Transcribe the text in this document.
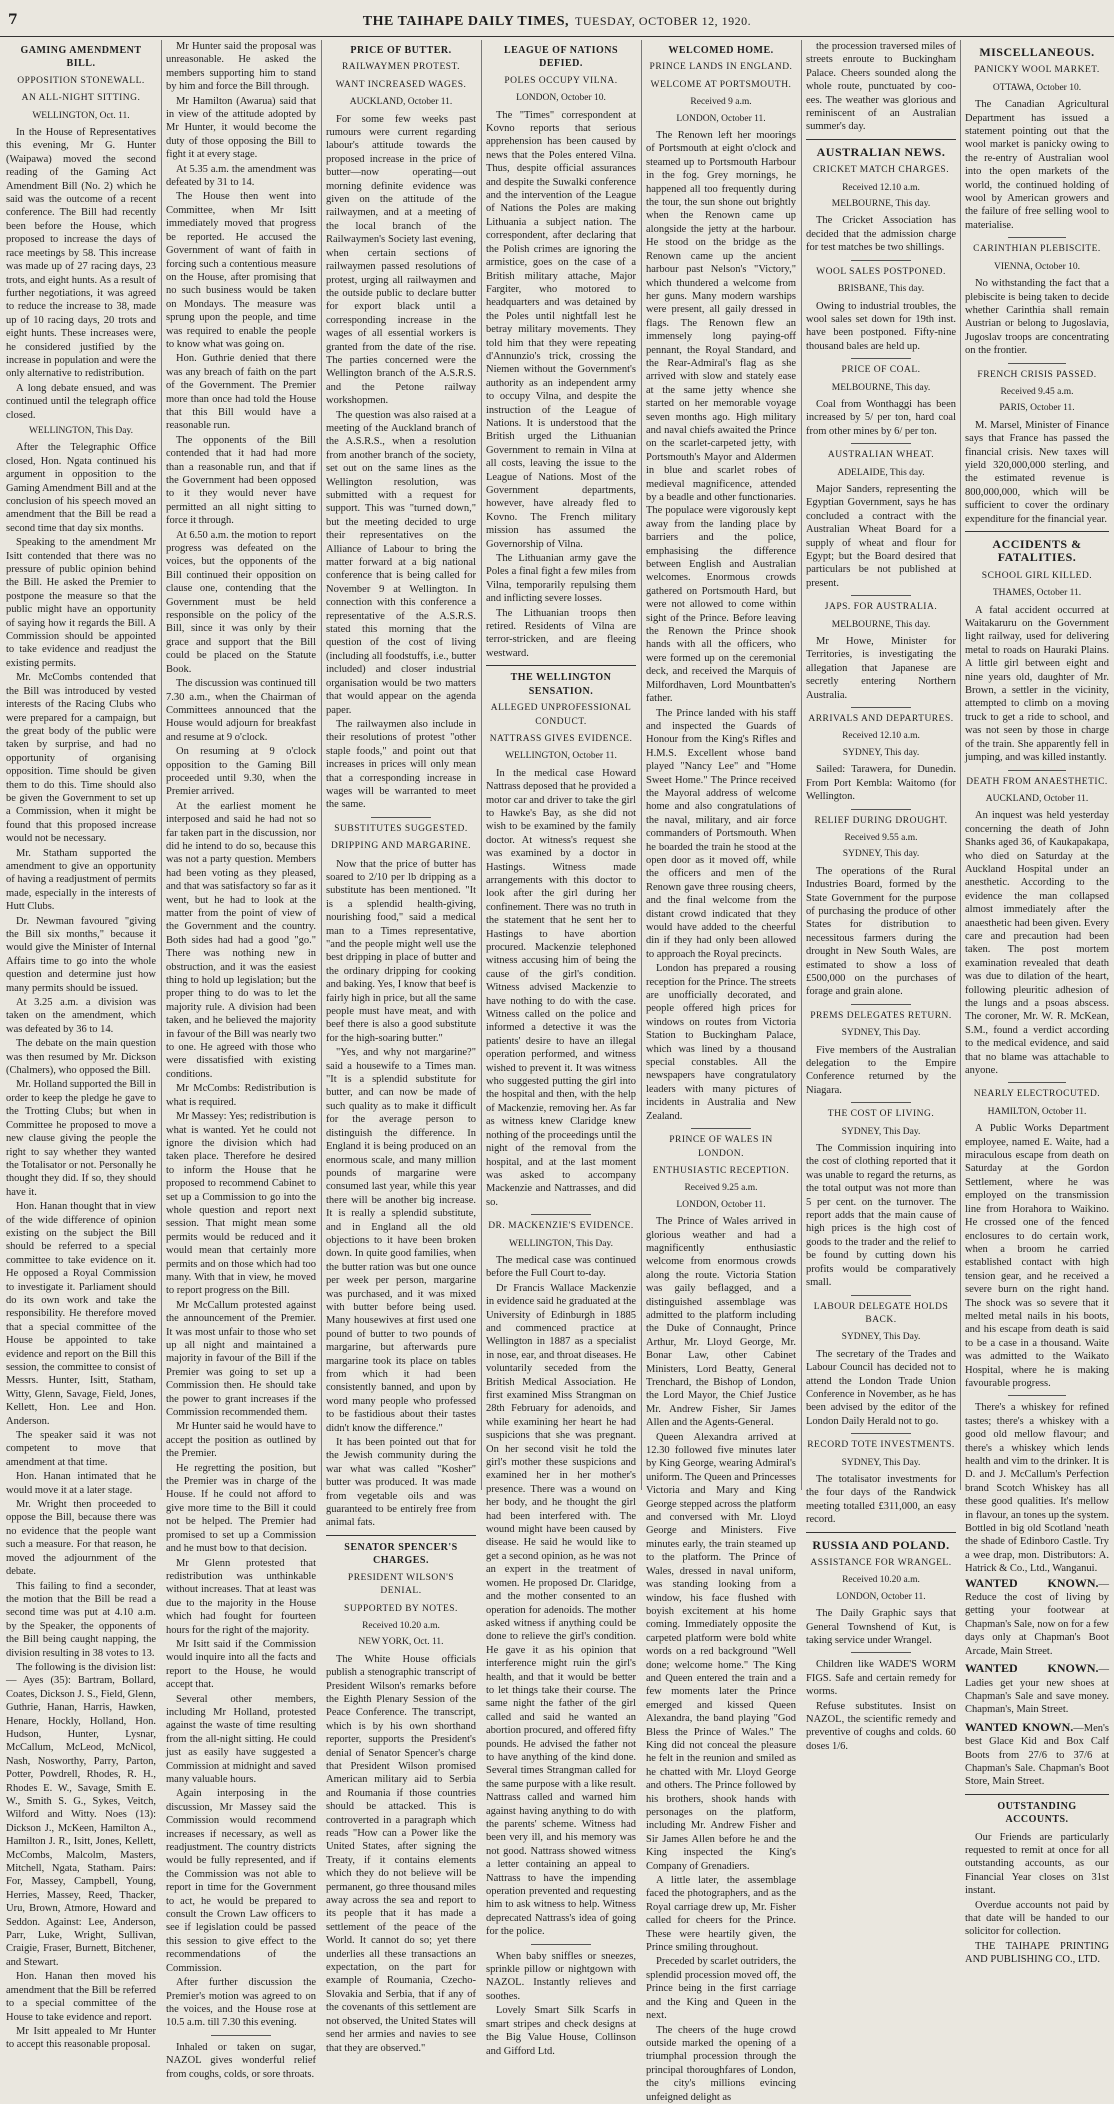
7	THE TAIHAPE DAILY TIMES, TUESDAY, OCTOBER 12, 1920.
GAMING AMENDMENT BILL.
OPPOSITION STONEWALL.
AN ALL-NIGHT SITTING.
WELLINGTON, Oct. 11.

In the House of Representatives this evening, Mr G. Hunter (Waipawa) moved the second reading of the Gaming Act Amendment Bill (No. 2) which he said was the outcome of a recent conference. The Bill had recently been before the House, which proposed to increase the days of race meetings by 58. This increase was made up of 27 racing days, 23 trots, and eight hunts. As a result of further negotiations, it was agreed to reduce the increase to 38, made up of 10 racing days, 20 trots and eight hunts. These increases were, he considered justified by the increase in population and were the only alternative to redistribution.

A long debate ensued, and was continued until the telegraph office closed.

WELLINGTON, This Day.

After the Telegraphic Office closed, Hon. Ngata continued his argument in opposition to the Gaming Amendment Bill and at the conclusion of his speech moved an amendment that the Bill be read a second time that day six months.

Speaking to the amendment Mr Isitt contended that there was no pressure of public opinion behind the Bill. He asked the Premier to postpone the measure so that the public might have an opportunity of saying how it regards the Bill. A Commission should be appointed to take evidence and readjust the existing permits.

Mr. McCombs contended that the Bill was introduced by vested interests of the Racing Clubs who were prepared for a campaign, but the great body of the public were taken by surprise, and had no opportunity of organising opposition. Time should be given them to do this. Time should also be given the Government to set up a Commission, when it might be found that this proposed increase would not be necessary.

Mr. Statham supported the amendment to give an opportunity of having a readjustment of permits made, especially in the interests of Hutt Clubs.

Dr. Newman favoured "giving the Bill six months," because it would give the Minister of Internal Affairs time to go into the whole question and determine just how many permits should be issued.

At 3.25 a.m. a division was taken on the amendment, which was defeated by 36 to 14.

The debate on the main question was then resumed by Mr. Dickson (Chalmers), who opposed the Bill.

Mr. Holland supported the Bill in order to keep the pledge he gave to the Trotting Clubs; but when in Committee he proposed to move a new clause giving the people the right to say whether they wanted the Totalisator or not. Personally he thought they did. If so, they should have it.

Hon. Hanan thought that in view of the wide difference of opinion existing on the subject the Bill should be referred to a special committee to take evidence on it. He opposed a Royal Commission to investigate it. Parliament should do its own work and take the responsibility. He therefore moved that a special committee of the House be appointed to take evidence and report on the Bill this session, the committee to consist of Messrs. Hunter, Isitt, Statham, Witty, Glenn, Savage, Field, Jones, Kellett, Hon. Lee and Hon. Anderson.

The speaker said it was not competent to move that amendment at that time.

Hon. Hanan intimated that he would move it at a later stage.

Mr. Wright then proceeded to oppose the Bill, because there was no evidence that the people want such a measure. For that reason, he moved the adjournment of the debate.

This failing to find a seconder, the motion that the Bill be read a second time was put at 4.10 a.m. by the Speaker, the opponents of the Bill being caught napping, the division resulting in 38 votes to 13.

The following is the division list:— Ayes (35): Bartram, Bollard, Coates, Dickson J. S., Field, Glenn, Guthrie, Hanan, Harris, Hawken, Henare, Hockly, Holland, Hon. Hudson, Hunter, Lysnar, McCallum, McLeod, McNicol, Nash, Nosworthy, Parry, Parton, Potter, Powdrell, Rhodes, R. H., Rhodes E. W., Savage, Smith E. W., Smith S. G., Sykes, Veitch, Wilford and Witty. Noes (13): Dickson J., McKeen, Hamilton A., Hamilton J. R., Isitt, Jones, Kellett, McCombs, Malcolm, Masters, Mitchell, Ngata, Statham. Pairs: For, Massey, Campbell, Young, Herries, Massey, Reed, Thacker, Uru, Brown, Atmore, Howard and Seddon. Against: Lee, Anderson, Parr, Luke, Wright, Sullivan, Craigie, Fraser, Burnett, Bitchener, and Stewart.

Hon. Hanan then moved his amendment that the Bill be referred to a special committee of the House to take evidence and report.

Mr Isitt appealed to Mr Hunter to accept this reasonable proposal.

Mr Hunter said the proposal was unreasonable. He asked the members supporting him to stand by him and force the Bill through.

Mr Hamilton (Awarua) said that in view of the attitude adopted by Mr Hunter, it would become the duty of those opposing the Bill to fight it at every stage.

At 5.35 a.m. the amendment was defeated by 31 to 14.

The House then went into Committee, when Mr Isitt immediately moved that progress be reported. He accused the Government of want of faith in forcing such a contentious measure on the House, after promising that no such business would be taken on Mondays. The measure was sprung upon the people, and time was required to enable the people to know what was going on.

Hon. Guthrie denied that there was any breach of faith on the part of the Government. The Premier more than once had told the House that this Bill would have a reasonable run.

The opponents of the Bill contended that it had had more than a reasonable run, and that if the Government had been opposed to it they would never have permitted an all night sitting to force it through.

At 6.50 a.m. the motion to report progress was defeated on the voices, but the opponents of the Bill continued their opposition on clause one, contending that the Government must be held responsible on the policy of the Bill, since it was only by their grace and support that the Bill could be placed on the Statute Book.

The discussion was continued till 7.30 a.m., when the Chairman of Committees announced that the House would adjourn for breakfast and resume at 9 o'clock.

On resuming at 9 o'clock opposition to the Gaming Bill proceeded until 9.30, when the Premier arrived.

At the earliest moment he interposed and said he had not so far taken part in the discussion, nor did he intend to do so, because this was not a party question. Members had been voting as they pleased, and that was satisfactory so far as it went, but he had to look at the matter from the point of view of the Government and the country. Both sides had had a good "go." There was nothing new in obstruction, and it was the easiest thing to hold up legislation; but the proper thing to do was to let the majority rule. A division had been taken, and he believed the majority in favour of the Bill was nearly two to one. He agreed with those who were dissatisfied with existing conditions.

Mr McCombs: Redistribution is what is required.

Mr Massey: Yes; redistribution is what is wanted. Yet he could not ignore the division which had taken place. Therefore he desired to inform the House that he proposed to recommend Cabinet to set up a Commission to go into the whole question and report next session. That might mean some permits would be reduced and it would mean that certainly more permits and on those which had too many. With that in view, he moved to report progress on the Bill.

Mr McCallum protested against the announcement of the Premier. It was most unfair to those who set up all night and maintained a majority in favour of the Bill if the Premier was going to set up a Commission then. He should take the power to grant increases if the Commission recommended them.

Mr Hunter said he would have to accept the position as outlined by the Premier.

He regretting the position, but the Premier was in charge of the House. If he could not afford to give more time to the Bill it could not be helped. The Premier had promised to set up a Commission and he must bow to that decision.

Mr Glenn protested that redistribution was unthinkable without increases. That at least was due to the majority in the House which had fought for fourteen hours for the right of the majority.

Mr Isitt said if the Commission would inquire into all the facts and report to the House, he would accept that.

Several other members, including Mr Holland, protested against the waste of time resulting from the all-night sitting. He could just as easily have suggested a Commission at midnight and saved many valuable hours.

Again interposing in the discussion, Mr Massey said the Commission would recommend increases if necessary, as well as readjustment. The country districts would be fully represented, and if the Commission was not able to report in time for the Government to act, he would be prepared to consult the Crown Law officers to see if legislation could be passed this session to give effect to the recommendations of the Commission.

After further discussion the Premier's motion was agreed to on the voices, and the House rose at 10.5 a.m. till 7.30 this evening.

Inhaled or taken on sugar, NAZOL gives wonderful relief from coughs, colds, or sore throats.

PRICE OF BUTTER.
RAILWAYMEN PROTEST.
WANT INCREASED WAGES.
AUCKLAND, October 11.

For some few weeks past rumours were current regarding labour's attitude towards the proposed increase in the price of butter—now operating—out morning definite evidence was given on the attitude of the railwaymen, and at a meeting of the local branch of the Railwaymen's Society last evening, when certain sections of railwaymen passed resolutions of protest, urging all railwaymen and the outside public to declare butter for export black until a corresponding increase in the wages of all essential workers is granted from the date of the rise. The parties concerned were the Wellington branch of the A.S.R.S. and the Petone railway workshopmen.

The question was also raised at a meeting of the Auckland branch of the A.S.R.S., when a resolution from another branch of the society, set out on the same lines as the Wellington resolution, was submitted with a request for support. This was "turned down," but the meeting decided to urge their representatives on the Alliance of Labour to bring the matter forward at a big national conference that is being called for November 9 at Wellington. In connection with this conference a representative of the A.S.R.S. stated this morning that the question of the cost of living (including all foodstuffs, i.e., butter included) and closer industrial organisation would be two matters that would appear on the agenda paper.

The railwaymen also include in their resolutions of protest "other staple foods," and point out that increases in prices will only mean that a corresponding increase in wages will be warranted to meet the same.

SUBSTITUTES SUGGESTED.
DRIPPING AND MARGARINE.

Now that the price of butter has soared to 2/10 per lb dripping as a substitute has been mentioned. "It is a splendid health-giving, nourishing food," said a medical man to a Times representative, "and the people might well use the best dripping in place of butter and the ordinary dripping for cooking and baking. Yes, I know that beef is fairly high in price, but all the same people must have meat, and with beef there is also a good substitute for the high-soaring butter."

"Yes, and why not margarine?" said a housewife to a Times man. "It is a splendid substitute for butter, and can now be made of such quality as to make it difficult for the average person to distinguish the difference. In England it is being produced on an enormous scale, and many million pounds of margarine were consumed last year, while this year there will be another big increase. It is really a splendid substitute, and in England all the old objections to it have been broken down. In quite good families, when the butter ration was but one ounce per week per person, margarine was purchased, and it was mixed with butter before being used. Many housewives at first used one pound of butter to two pounds of margarine, but afterwards pure margarine took its place on tables from which it had been consistently banned, and upon by word many people who professed to be fastidious about their tastes didn't know the difference."

It has been pointed out that for the Jewish community during the war what was called "Kosher" butter was produced. It was made from vegetable oils and was guaranteed to be entirely free from animal fats.

SENATOR SPENCER'S CHARGES.
PRESIDENT WILSON'S DENIAL.
SUPPORTED BY NOTES.
Received 10.20 a.m.
NEW YORK, Oct. 11.

The White House officials publish a stenographic transcript of President Wilson's remarks before the Eighth Plenary Session of the Peace Conference. The transcript, which is by his own shorthand reporter, supports the President's denial of Senator Spencer's charge that President Wilson promised American military aid to Serbia and Roumania if those countries should be attacked. This is controverted in a paragraph which reads "How can a Power like the United States, after signing the Treaty, if it contains elements which they do not believe will be permanent, go three thousand miles away across the sea and report to its people that it has made a settlement of the peace of the World. It cannot do so; yet there underlies all these transactions an expectation, on the part for example of Roumania, Czecho-Slovakia and Serbia, that if any of the covenants of this settlement are not observed, the United States will send her armies and navies to see that they are observed."

LEAGUE OF NATIONS DEFIED.
POLES OCCUPY VILNA.
LONDON, October 10.

The "Times" correspondent at Kovno reports that serious apprehension has been caused by news that the Poles entered Vilna. Thus, despite official assurances and despite the Suwalki conference and the intervention of the League of Nations the Poles are making Lithuania a subject nation. The correspondent, after declaring that the Polish crimes are ignoring the armistice, goes on the case of a British military attache, Major Fargiter, who motored to headquarters and was detained by the Poles until nightfall lest he betray military movements. They told him that they were repeating d'Annunzio's trick, crossing the Niemen without the Government's authority as an independent army to occupy Vilna, and despite the instruction of the League of Nations. It is understood that the British urged the Lithuanian Government to remain in Vilna at all costs, leaving the issue to the League of Nations. Most of the Government departments, however, have already fled to Kovno. The French military mission has assumed the Governorship of Vilna.

The Lithuanian army gave the Poles a final fight a few miles from Vilna, temporarily repulsing them and inflicting severe losses.

The Lithuanian troops then retired. Residents of Vilna are terror-stricken, and are fleeing westward.

THE WELLINGTON SENSATION.
ALLEGED UNPROFESSIONAL CONDUCT.
NATTRASS GIVES EVIDENCE.
WELLINGTON, October 11.

In the medical case Howard Nattrass deposed that he provided a motor car and driver to take the girl to Hawke's Bay, as she did not wish to be examined by the family doctor. At witness's request she was examined by a doctor in Hastings. Witness made arrangements with this doctor to look after the girl during her confinement. There was no truth in the statement that he sent her to Hastings to have abortion procured. Mackenzie telephoned witness accusing him of being the cause of the girl's condition. Witness advised Mackenzie to have nothing to do with the case. Witness called on the police and informed a detective it was the patients' desire to have an illegal operation performed, and witness wished to prevent it. It was witness who suggested putting the girl into the hospital and then, with the help of Mackenzie, removing her. As far as witness knew Claridge knew nothing of the proceedings until the night of the removal from the hospital, and at the last moment was asked to accompany Mackenzie and Nattrasses, and did so.

DR. MACKENZIE'S EVIDENCE.
WELLINGTON, This Day.

The medical case was continued before the Full Court to-day.

Dr Francis Wallace Mackenzie in evidence said he graduated at the University of Edinburgh in 1885 and commenced practice at Wellington in 1887 as a specialist in nose, ear, and throat diseases. He voluntarily seceded from the British Medical Association. He first examined Miss Strangman on 28th February for adenoids, and while examining her heart he had suspicions that she was pregnant. On her second visit he told the girl's mother these suspicions and examined her in her mother's presence. There was a wound on her body, and he thought the girl had been interfered with. The wound might have been caused by disease. He said he would like to get a second opinion, as he was not an expert in the treatment of women. He proposed Dr. Claridge, and the mother consented to an operation for adenoids. The mother asked witness if anything could be done to relieve the girl's condition. He gave it as his opinion that interference might ruin the girl's health, and that it would be better to let things take their course. The same night the father of the girl called and said he wanted an abortion procured, and offered fifty pounds. He advised the father not to have anything of the kind done. Several times Strangman called for the same purpose with a like result. Nattrass called and warned him against having anything to do with the parents' scheme. Witness had been very ill, and his memory was not good. Nattrass showed witness a letter containing an appeal to Nattrass to have the impending operation prevented and requesting him to ask witness to help. Witness deprecated Nattrass's idea of going for the police.

When baby sniffles or sneezes, sprinkle pillow or nightgown with NAZOL. Instantly relieves and soothes.

Lovely Smart Silk Scarfs in smart stripes and check designs at the Big Value House, Collinson and Gifford Ltd.

WELCOMED HOME.
PRINCE LANDS IN ENGLAND.
WELCOME AT PORTSMOUTH.
Received 9 a.m.
LONDON, October 11.

The Renown left her moorings of Portsmouth at eight o'clock and steamed up to Portsmouth Harbour in the fog. Grey mornings, he happened all too frequently during the tour, the sun shone out brightly when the Renown came up alongside the jetty at the harbour. He stood on the bridge as the Renown came up the ancient harbour past Nelson's "Victory," which thundered a welcome from her guns. Many modern warships were present, all gaily dressed in flags. The Renown flew an immensely long paying-off pennant, the Royal Standard, and the Rear-Admiral's flag as she arrived with slow and stately ease at the same jetty whence she started on her memorable voyage seven months ago. High military and naval chiefs awaited the Prince on the scarlet-carpeted jetty, with Portsmouth's Mayor and Aldermen in blue and scarlet robes of medieval magnificence, attended by a beadle and other functionaries. The populace were vigorously kept away from the landing place by barriers and the police, emphasising the difference between English and Australian welcomes. Enormous crowds gathered on Portsmouth Hard, but were not allowed to come within sight of the Prince. Before leaving the Renown the Prince shook hands with all the officers, who were formed up on the ceremonial deck, and received the Marquis of Milfordhaven, Lord Mountbatten's father.

The Prince landed with his staff and inspected the Guards of Honour from the King's Rifles and H.M.S. Excellent whose band played "Nancy Lee" and "Home Sweet Home." The Prince received the Mayoral address of welcome home and also congratulations of the naval, military, and air force commanders of Portsmouth. When he boarded the train he stood at the open door as it moved off, while the officers and men of the Renown gave three rousing cheers, and the final welcome from the distant crowd indicated that they would have added to the cheerful din if they had only been allowed to approach the Royal precincts.

London has prepared a rousing reception for the Prince. The streets are unofficially decorated, and people offered high prices for windows on routes from Victoria Station to Buckingham Palace, which was lined by a thousand special constables. All the newspapers have congratulatory leaders with many pictures of incidents in Australia and New Zealand.

PRINCE OF WALES IN LONDON.
ENTHUSIASTIC RECEPTION.
Received 9.25 a.m.
LONDON, October 11.

The Prince of Wales arrived in glorious weather and had a magnificently enthusiastic welcome from enormous crowds along the route. Victoria Station was gaily beflagged, and a distinguished assemblage was admitted to the platform including the Duke of Connaught, Prince Arthur, Mr. Lloyd George, Mr. Bonar Law, other Cabinet Ministers, Lord Beatty, General Trenchard, the Bishop of London, the Lord Mayor, the Chief Justice Mr. Andrew Fisher, Sir James Allen and the Agents-General.

Queen Alexandra arrived at 12.30 followed five minutes later by King George, wearing Admiral's uniform. The Queen and Princesses Victoria and Mary and King George stepped across the platform and conversed with Mr. Lloyd George and Ministers. Five minutes early, the train steamed up to the platform. The Prince of Wales, dressed in naval uniform, was standing looking from a window, his face flushed with boyish excitement at his home coming. Immediately opposite the carpeted platform were bold white words on a red background "Well done; welcome home." The King and Queen entered the train and a few moments later the Prince emerged and kissed Queen Alexandra, the band playing "God Bless the Prince of Wales." The King did not conceal the pleasure he felt in the reunion and smiled as he chatted with Mr. Lloyd George and others. The Prince followed by his brothers, shook hands with personages on the platform, including Mr. Andrew Fisher and Sir James Allen before he and the King inspected the King's Company of Grenadiers.

A little later, the assemblage faced the photographers, and as the Royal carriage drew up, Mr. Fisher called for cheers for the Prince. These were heartily given, the Prince smiling throughout.

Preceded by scarlet outriders, the splendid procession moved off, the Prince being in the first carriage and the King and Queen in the next.

The cheers of the huge crowd outside marked the opening of a triumphal procession through the principal thoroughfares of London, the city's millions evincing unfeigned delight as

the procession traversed miles of streets enroute to Buckingham Palace. Cheers sounded along the whole route, punctuated by coo-ees. The weather was glorious and reminiscent of an Australian summer's day.

AUSTRALIAN NEWS.
CRICKET MATCH CHARGES.
Received 12.10 a.m.
MELBOURNE, This day.

The Cricket Association has decided that the admission charge for test matches be two shillings.

WOOL SALES POSTPONED.
BRISBANE, This day.

Owing to industrial troubles, the wool sales set down for 19th inst. have been postponed. Fifty-nine thousand bales are held up.

PRICE OF COAL.
MELBOURNE, This day.

Coal from Wonthaggi has been increased by 5/ per ton, hard coal from other mines by 6/ per ton.

AUSTRALIAN WHEAT.
ADELAIDE, This day.

Major Sanders, representing the Egyptian Government, says he has concluded a contract with the Australian Wheat Board for a supply of wheat and flour for Egypt; but the Board desired that particulars be not published at present.

JAPS. FOR AUSTRALIA.
MELBOURNE, This day.

Mr Howe, Minister for Territories, is investigating the allegation that Japanese are secretly entering Northern Australia.

ARRIVALS AND DEPARTURES.
Received 12.10 a.m.
SYDNEY, This day.

Sailed: Tarawera, for Dunedin. From Port Kembla: Waitomo (for Wellington.

RELIEF DURING DROUGHT.
Received 9.55 a.m.
SYDNEY, This day.

The operations of the Rural Industries Board, formed by the State Government for the purpose of purchasing the produce of other States for distribution to necessitous farmers during the drought in New South Wales, are estimated to show a loss of £500,000 on the purchases of forage and grain alone.

PREMS DELEGATES RETURN.
SYDNEY, This Day.

Five members of the Australian delegation to the Empire Conference returned by the Niagara.

THE COST OF LIVING.
SYDNEY, This Day.

The Commission inquiring into the cost of clothing reported that it was unable to regard the returns, as the total output was not more than 5 per cent. on the turnover. The report adds that the main cause of high prices is the high cost of goods to the trader and the relief to be found by cutting down his profits would be comparatively small.

LABOUR DELEGATE HOLDS BACK.
SYDNEY, This Day.

The secretary of the Trades and Labour Council has decided not to attend the London Trade Union Conference in November, as he has been advised by the editor of the London Daily Herald not to go.

RECORD TOTE INVESTMENTS.
SYDNEY, This Day.

The totalisator investments for the four days of the Randwick meeting totalled £311,000, an easy record.

RUSSIA AND POLAND.
ASSISTANCE FOR WRANGEL.
Received 10.20 a.m.
LONDON, October 11.

The Daily Graphic says that General Townshend of Kut, is taking service under Wrangel.

Children like WADE'S WORM FIGS. Safe and certain remedy for worms.

Refuse substitutes. Insist on NAZOL, the scientific remedy and preventive of coughs and colds. 60 doses 1/6.

MISCELLANEOUS.
PANICKY WOOL MARKET.
OTTAWA, October 10.

The Canadian Agricultural Department has issued a statement pointing out that the wool market is panicky owing to the re-entry of Australian wool into the open markets of the world, the continued holding of wool by American growers and the failure of free selling wool to materialise.

CARINTHIAN PLEBISCITE.
VIENNA, October 10.

No withstanding the fact that a plebiscite is being taken to decide whether Carinthia shall remain Austrian or belong to Jugoslavia, Jugoslav troops are concentrating on the frontier.

FRENCH CRISIS PASSED.
Received 9.45 a.m.
PARIS, October 11.

M. Marsel, Minister of Finance says that France has passed the financial crisis. New taxes will yield 320,000,000 sterling, and the estimated revenue is 800,000,000, which will be sufficient to cover the ordinary expenditure for the financial year.

ACCIDENTS & FATALITIES.
SCHOOL GIRL KILLED.
THAMES, October 11.

A fatal accident occurred at Waitakaruru on the Government light railway, used for delivering metal to roads on Hauraki Plains. A little girl between eight and nine years old, daughter of Mr. Brown, a settler in the vicinity, attempted to climb on a moving truck to get a ride to school, and was not seen by those in charge of the train. She apparently fell in jumping, and was killed instantly.

DEATH FROM ANAESTHETIC.
AUCKLAND, October 11.

An inquest was held yesterday concerning the death of John Shanks aged 36, of Kaukapakapa, who died on Saturday at the Auckland Hospital under an anesthetic. According to the evidence the man collapsed almost immediately after the anaesthetic had been given. Every care and precaution had been taken. The post mortem examination revealed that death was due to dilation of the heart, following pleuritic adhesion of the lungs and a psoas abscess. The coroner, Mr. W. R. McKean, S.M., found a verdict according to the medical evidence, and said that no blame was attachable to anyone.

NEARLY ELECTROCUTED.
HAMILTON, October 11.

A Public Works Department employee, named E. Waite, had a miraculous escape from death on Saturday at the Gordon Settlement, where he was employed on the transmission line from Horahora to Waikino. He crossed one of the fenced enclosures to do certain work, when a broom he carried established contact with high tension gear, and he received a severe burn on the right hand. The shock was so severe that it melted metal nails in his boots, and his escape from death is said to be a case in a thousand. Waite was admitted to the Waikato Hospital, where he is making favourable progress.

There's a whiskey for refined tastes; there's a whiskey with a good old mellow flavour; and there's a whiskey which lends health and vim to the drinker. It is D. and J. McCallum's Perfection brand Scotch Whiskey has all these good qualities. It's mellow in flavour, an tones up the system. Bottled in big old Scotland 'neath the shade of Edinboro Castle. Try a wee drap, mon. Distributors: A. Hatrick & Co., Ltd., Wanganui.

WANTED KNOWN.—Reduce the cost of living by getting your footwear at Chapman's Sale, now on for a few days only at Chapman's Boot Arcade, Main Street.
WANTED KNOWN.—Ladies get your new shoes at Chapman's Sale and save money. Chapman's, Main Street.
WANTED KNOWN.—Men's best Glace Kid and Box Calf Boots from 27/6 to 37/6 at Chapman's Sale. Chapman's Boot Store, Main Street.
OUTSTANDING ACCOUNTS.

Our Friends are particularly requested to remit at once for all outstanding accounts, as our Financial Year closes on 31st instant.

Overdue accounts not paid by that date will be handed to our solicitor for collection.

THE TAIHAPE PRINTING AND PUBLISHING CO., LTD.
